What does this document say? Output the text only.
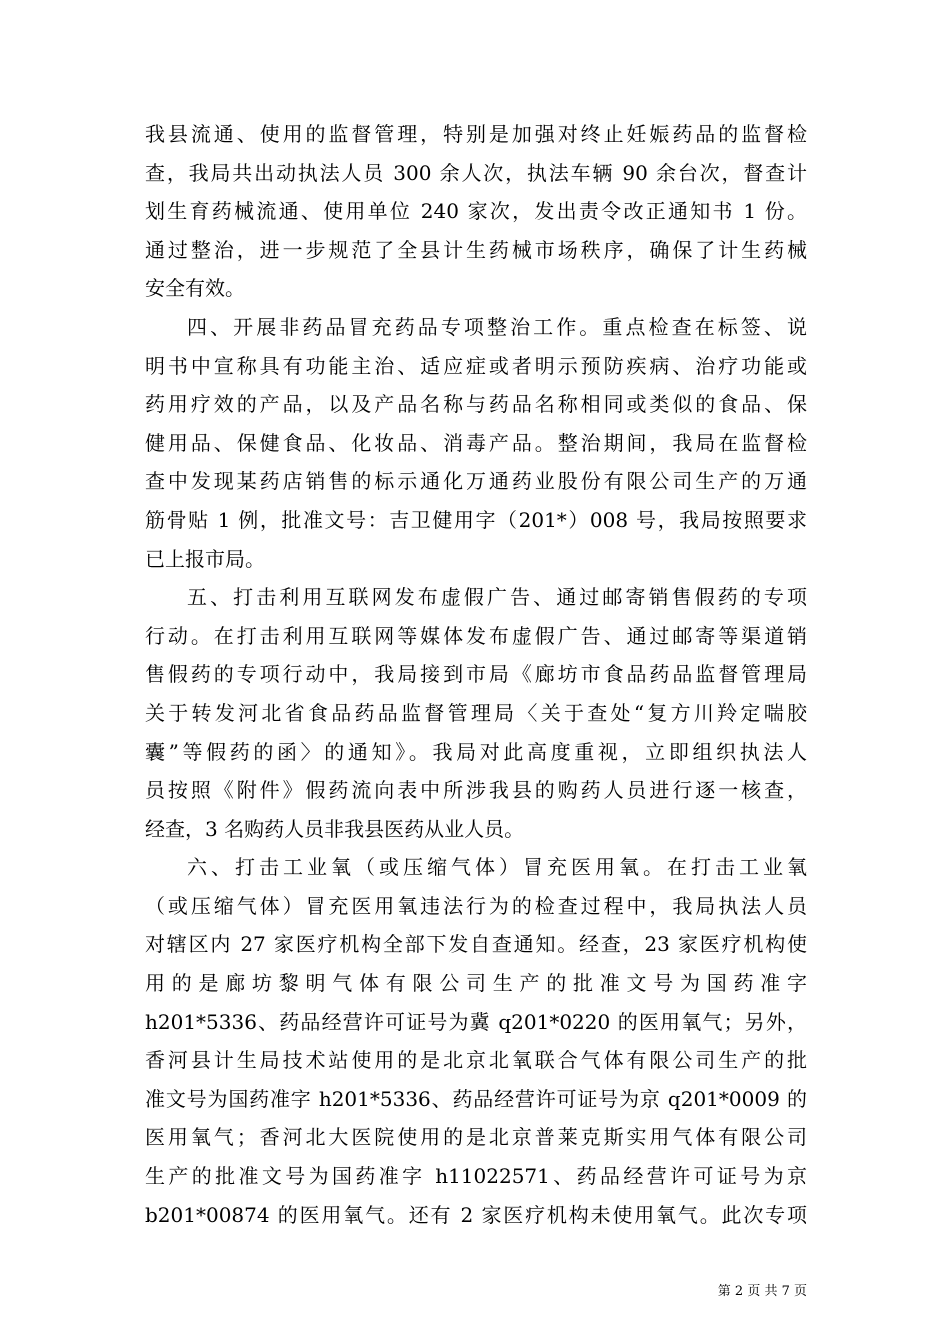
我县流通、使用的监督管理，特别是加强对终止妊娠药品的监督检
查，我局共出动执法人员 300 余人次，执法车辆 90 余台次，督查计
划生育药械流通、使用单位 240 家次，发出责令改正通知书 1 份。
通过整治，进一步规范了全县计生药械市场秩序，确保了计生药械
安全有效。
四、开展非药品冒充药品专项整治工作。重点检查在标签、说
明书中宣称具有功能主治、适应症或者明示预防疾病、治疗功能或
药用疗效的产品，以及产品名称与药品名称相同或类似的食品、保
健用品、保健食品、化妆品、消毒产品。整治期间，我局在监督检
查中发现某药店销售的标示通化万通药业股份有限公司生产的万通
筋骨贴 1 例，批准文号：吉卫健用字（201*）008 号，我局按照要求
已上报市局。
五、打击利用互联网发布虚假广告、通过邮寄销售假药的专项
行动。在打击利用互联网等媒体发布虚假广告、通过邮寄等渠道销
售假药的专项行动中，我局接到市局《廊坊市食品药品监督管理局
关于转发河北省食品药品监督管理局〈关于查处“复方川羚定喘胶
囊”等假药的函〉的通知》。我局对此高度重视，立即组织执法人
员按照《附件》假药流向表中所涉我县的购药人员进行逐一核查，
经查，3 名购药人员非我县医药从业人员。
六、打击工业氧（或压缩气体）冒充医用氧。在打击工业氧
（或压缩气体）冒充医用氧违法行为的检查过程中，我局执法人员
对辖区内 27 家医疗机构全部下发自查通知。经查，23 家医疗机构使
用的是廊坊黎明气体有限公司生产的批准文号为国药准字
h201*5336、药品经营许可证号为冀 q201*0220 的医用氧气；另外，
香河县计生局技术站使用的是北京北氧联合气体有限公司生产的批
准文号为国药准字 h201*5336、药品经营许可证号为京 q201*0009 的
医用氧气；香河北大医院使用的是北京普莱克斯实用气体有限公司
生产的批准文号为国药准字 h11022571、药品经营许可证号为京
b201*00874 的医用氧气。还有 2 家医疗机构未使用氧气。此次专项
第 2 页 共 7 页
